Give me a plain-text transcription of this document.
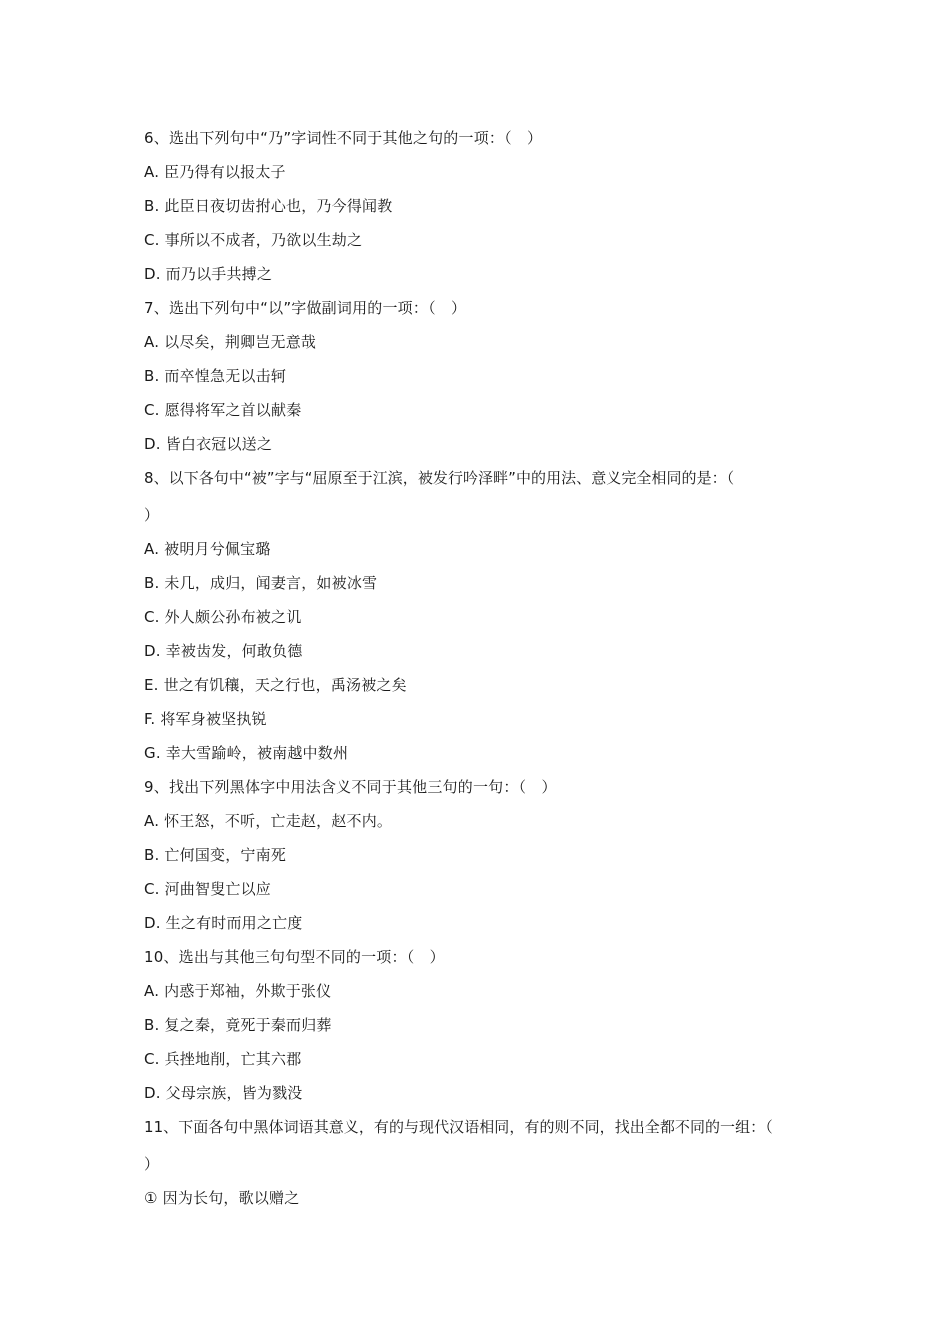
6、选出下列句中“乃”字词性不同于其他之句的一项：（　）
A. 臣乃得有以报太子
B. 此臣日夜切齿拊心也，乃今得闻教
C. 事所以不成者，乃欲以生劫之
D. 而乃以手共搏之
7、选出下列句中“以”字做副词用的一项：（　）
A. 以尽矣，荆卿岂无意哉
B. 而卒惶急无以击轲
C. 愿得将军之首以献秦
D. 皆白衣冠以送之
8、以下各句中“被”字与“屈原至于江滨，被发行吟泽畔”中的用法、意义完全相同的是：（
）
A. 被明月兮佩宝璐
B. 未几，成归，闻妻言，如被冰雪
C. 外人颇公孙布被之讥
D. 幸被齿发，何敢负德
E. 世之有饥穰，天之行也，禹汤被之矣
F. 将军身被坚执锐
G. 幸大雪踰岭，被南越中数州
9、找出下列黑体字中用法含义不同于其他三句的一句：（　）
A. 怀王怒，不听，亡走赵，赵不内。
B. 亡何国变，宁南死
C. 河曲智叟亡以应
D. 生之有时而用之亡度
10、选出与其他三句句型不同的一项：（　）
A. 内惑于郑袖，外欺于张仪
B. 复之秦，竟死于秦而归葬
C. 兵挫地削，亡其六郡
D. 父母宗族，皆为戮没
11、下面各句中黑体词语其意义，有的与现代汉语相同，有的则不同，找出全都不同的一组：（
）
① 因为长句，歌以赠之
